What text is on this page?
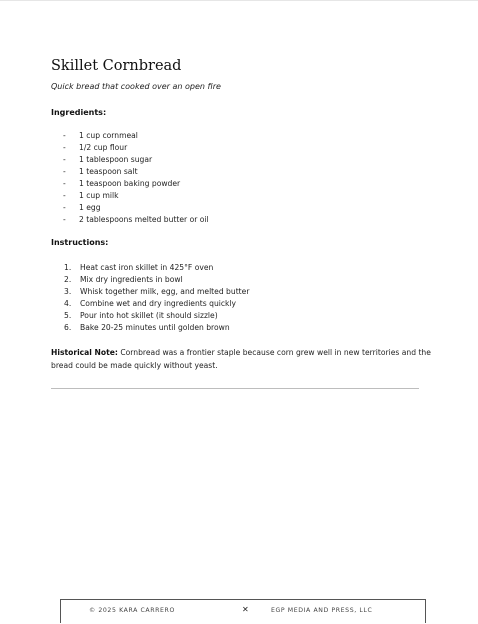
Skillet Cornbread
Quick bread that cooked over an open fire
Ingredients:
- 1 cup cornmeal
- 1/2 cup flour
- 1 tablespoon sugar
- 1 teaspoon salt
- 1 teaspoon baking powder
- 1 cup milk
- 1 egg
- 2 tablespoons melted butter or oil
Instructions:
1. Heat cast iron skillet in 425°F oven
2. Mix dry ingredients in bowl
3. Whisk together milk, egg, and melted butter
4. Combine wet and dry ingredients quickly
5. Pour into hot skillet (it should sizzle)
6. Bake 20-25 minutes until golden brown
Historical Note: Cornbread was a frontier staple because corn grew well in new territories and the bread could be made quickly without yeast.
© 2025 KARA CARRERO	✕	EGP MEDIA AND PRESS, LLC
